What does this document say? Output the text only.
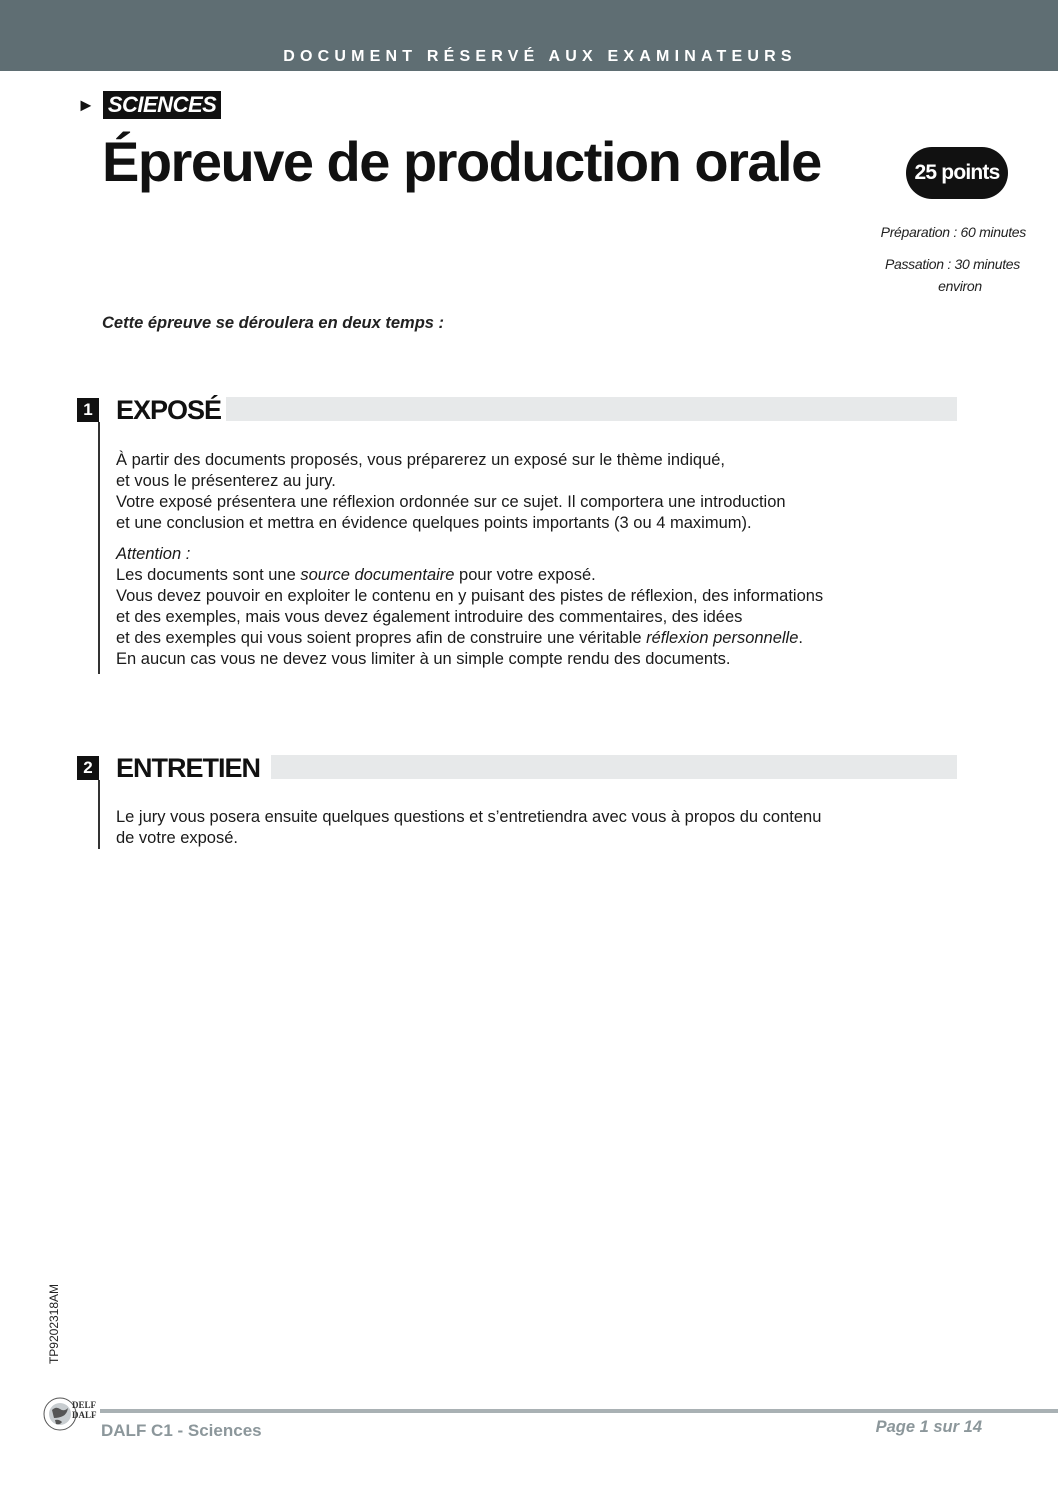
DOCUMENT RÉSERVÉ AUX EXAMINATEURS
► SCIENCES
Épreuve de production orale	25 points
Préparation : 60 minutes
Passation : 30 minutes
environ
Cette épreuve se déroulera en deux temps :
1 EXPOSÉ

À partir des documents proposés, vous préparerez un exposé sur le thème indiqué,

et vous le présenterez au jury.

Votre exposé présentera une réflexion ordonnée sur ce sujet. Il comportera une introduction

et une conclusion et mettra en évidence quelques points importants (3 ou 4 maximum).

Attention :

Les documents sont une source documentaire pour votre exposé.

Vous devez pouvoir en exploiter le contenu en y puisant des pistes de réflexion, des informations

et des exemples, mais vous devez également introduire des commentaires, des idées

et des exemples qui vous soient propres afin de construire une véritable réflexion personnelle.

En aucun cas vous ne devez vous limiter à un simple compte rendu des documents.

2 ENTRETIEN

Le jury vous posera ensuite quelques questions et s’entretiendra avec vous à propos du contenu

de votre exposé.

TP9202318AM
DELF
DALF
DALF C1 - Sciences	Page 1 sur 14
